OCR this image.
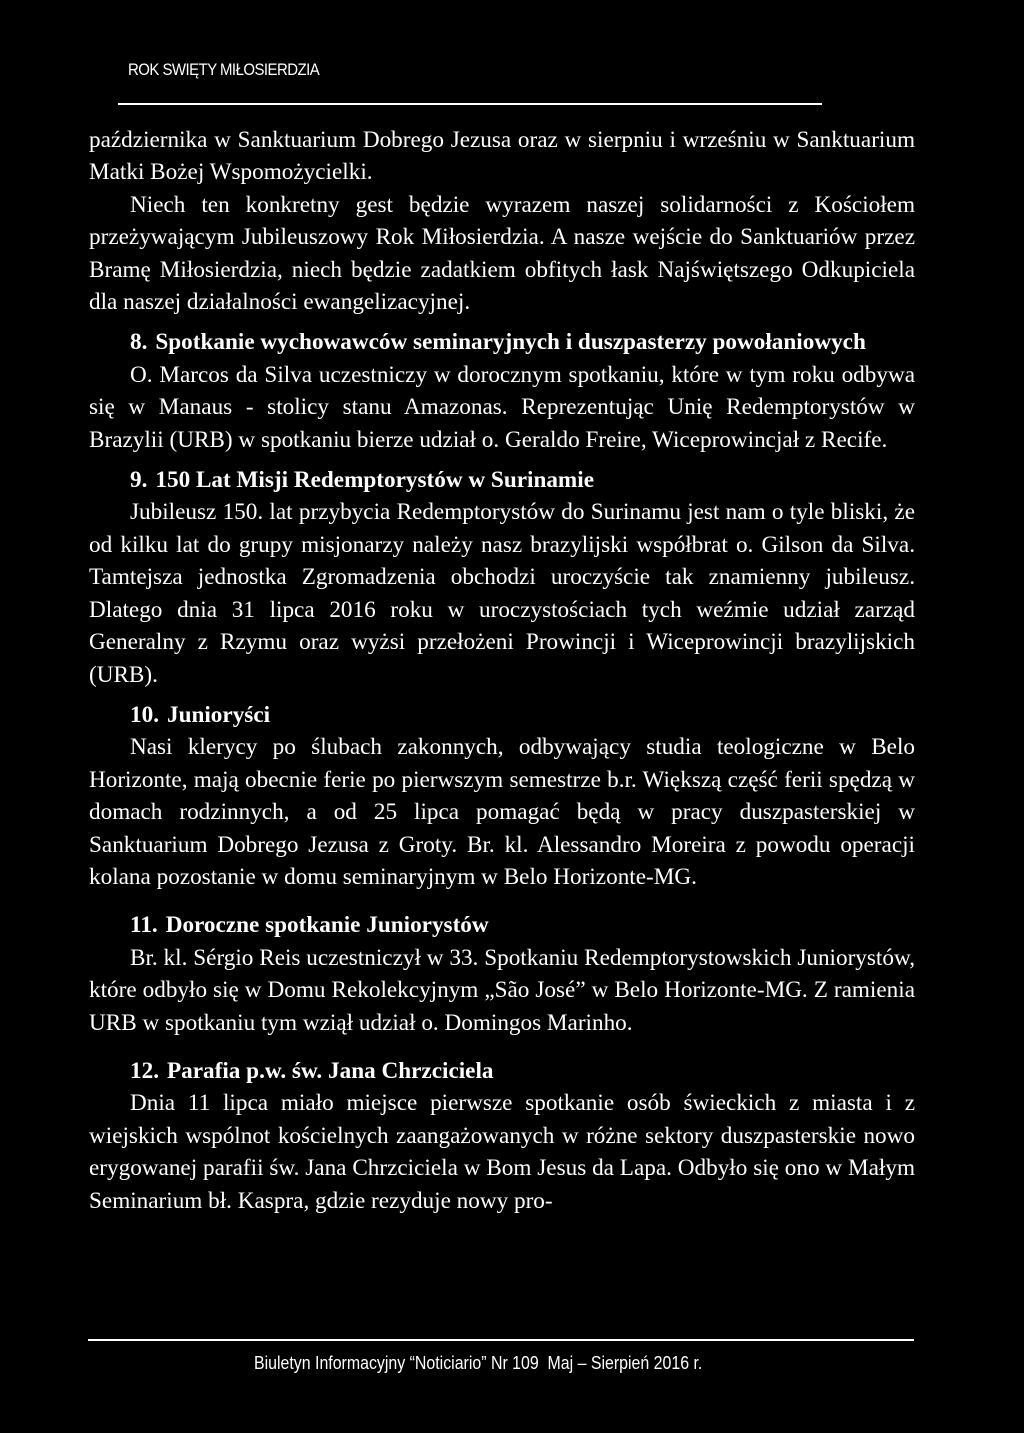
ROK SWIĘTY MIŁOSIERDZIA

października w Sanktuarium Dobrego Jezusa oraz w sierpniu i wrześniu w Sanktuarium Matki Bożej Wspomożycielki.

Niech ten konkretny gest będzie wyrazem naszej solidarności z Kościołem przeżywającym Jubileuszowy Rok Miłosierdzia. A nasze wejście do Sanktuariów przez Bramę Miłosierdzia, niech będzie zadatkiem obfitych łask Najświętszego Odkupiciela dla naszej działalności ewangelizacyjnej.

8. Spotkanie wychowawców seminaryjnych i duszpasterzy powołaniowych

O. Marcos da Silva uczestniczy w dorocznym spotkaniu, które w tym roku odbywa się w Manaus - stolicy stanu Amazonas. Reprezentując Unię Redemptorystów w Brazylii (URB) w spotkaniu bierze udział o. Geraldo Freire, Wiceprowincjał z Recife.

9. 150 Lat Misji Redemptorystów w Surinamie

Jubileusz 150. lat przybycia Redemptorystów do Surinamu jest nam o tyle bliski, że od kilku lat do grupy misjonarzy należy nasz brazylijski współbrat o. Gilson da Silva. Tamtejsza jednostka Zgromadzenia obchodzi uroczyście tak znamienny jubileusz. Dlatego dnia 31 lipca 2016 roku w uroczystościach tych weźmie udział zarząd Generalny z Rzymu oraz wyżsi przełożeni Prowincji i Wiceprowincji brazylijskich (URB).

10. Junioryści

Nasi klerycy po ślubach zakonnych, odbywający studia teologiczne w Belo Horizonte, mają obecnie ferie po pierwszym semestrze b.r. Większą część ferii spędzą w domach rodzinnych, a od 25 lipca pomagać będą w pracy duszpasterskiej w Sanktuarium Dobrego Jezusa z Groty. Br. kl. Alessandro Moreira z powodu operacji kolana pozostanie w domu seminaryjnym w Belo Horizonte-MG.

11. Doroczne spotkanie Juniorystów

Br. kl. Sérgio Reis uczestniczył w 33. Spotkaniu Redemptorystowskich Juniorystów, które odbyło się w Domu Rekolekcyjnym „São José” w Belo Horizonte-MG. Z ramienia URB w spotkaniu tym wziął udział o. Domingos Marinho.

12. Parafia p.w. św. Jana Chrzciciela

Dnia 11 lipca miało miejsce pierwsze spotkanie osób świeckich z miasta i z wiejskich wspólnot kościelnych zaangażowanych w różne sektory duszpasterskie nowo erygowanej parafii św. Jana Chrzciciela w Bom Jesus da Lapa. Odbyło się ono w Małym Seminarium bł. Kaspra, gdzie rezyduje nowy pro-

Biuletyn Informacyjny “Noticiario” Nr 109  Maj – Sierpień 2016 r.
